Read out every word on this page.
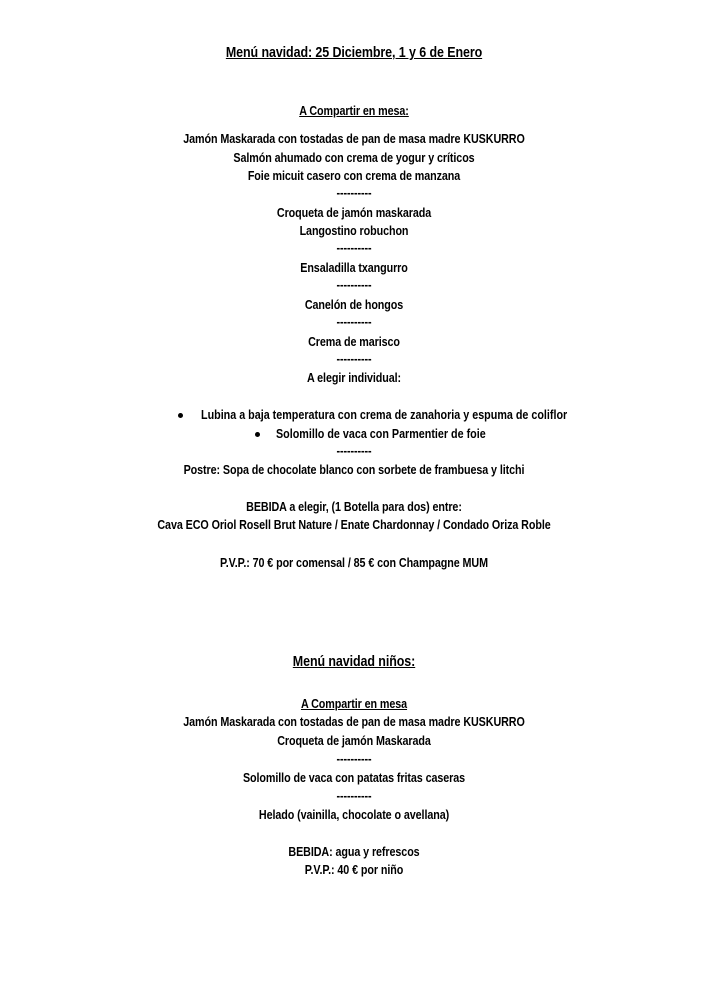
Menú navidad: 25 Diciembre, 1 y 6 de Enero
A Compartir en mesa:
Jamón Maskarada con tostadas de pan de masa madre KUSKURRO
Salmón ahumado con crema de yogur y críticos
Foie micuit casero con crema de manzana
----------
Croqueta de jamón maskarada
Langostino robuchon
----------
Ensaladilla txangurro
----------
Canelón de hongos
----------
Crema de marisco
----------
A elegir individual:
Lubina a baja temperatura con crema de zanahoria y espuma de coliflor
Solomillo de vaca con Parmentier de foie
----------
Postre: Sopa de chocolate blanco con sorbete de frambuesa y litchi
BEBIDA a elegir, (1 Botella para dos) entre:
Cava ECO Oriol Rosell Brut Nature / Enate Chardonnay / Condado Oriza Roble
P.V.P.: 70 € por comensal / 85 € con Champagne MUM
Menú navidad niños:
A Compartir en mesa
Jamón Maskarada con tostadas de pan de masa madre KUSKURRO
Croqueta de jamón Maskarada
----------
Solomillo de vaca con patatas fritas caseras
----------
Helado (vainilla, chocolate o avellana)
BEBIDA: agua y refrescos
P.V.P.: 40 € por niño
